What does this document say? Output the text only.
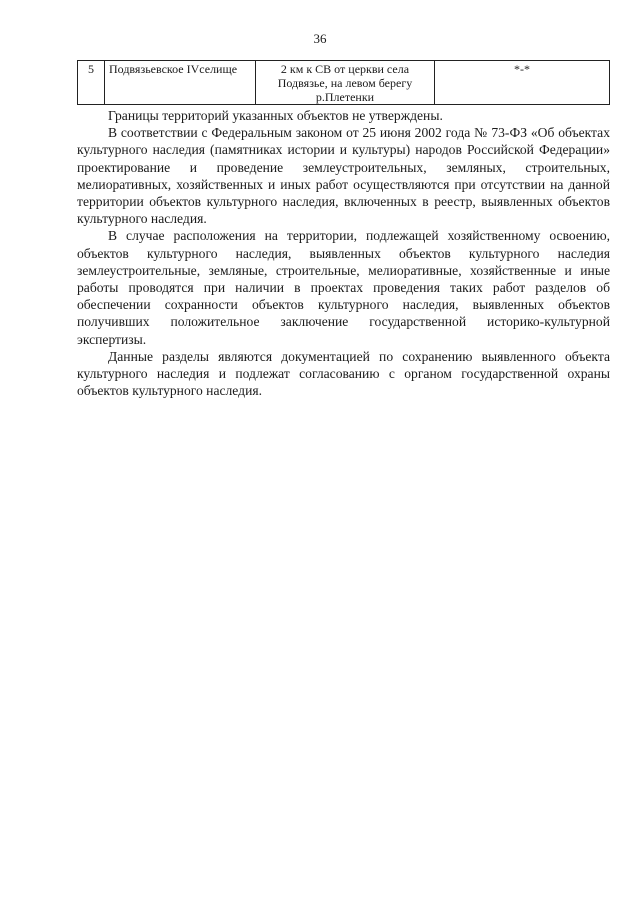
36
5	Подвязьевское IVселище	2 км к СВ от церкви села Подвязье, на левом берегу р.Плетенки	*-*

Границы территорий указанных объектов не утверждены.

В соответствии с Федеральным законом от 25 июня 2002 года № 73-ФЗ «Об объектах культурного наследия (памятниках истории и культуры) народов Российской Федерации» проектирование и проведение землеустроительных, земляных, строительных, мелиоративных, хозяйственных и иных работ осуществляются при отсутствии на данной территории объектов культурного наследия, включенных в реестр, выявленных объектов культурного наследия.

В случае расположения на территории, подлежащей хозяйственному освоению, объектов культурного наследия, выявленных объектов культурного наследия землеустроительные, земляные, строительные, мелиоративные, хозяйственные и иные работы проводятся при наличии в проектах проведения таких работ разделов об обеспечении сохранности объектов культурного наследия, выявленных объектов получивших положительное заключение государственной историко-культурной экспертизы.

Данные разделы являются документацией по сохранению выявленного объекта культурного наследия и подлежат согласованию с органом государственной охраны объектов культурного наследия.
